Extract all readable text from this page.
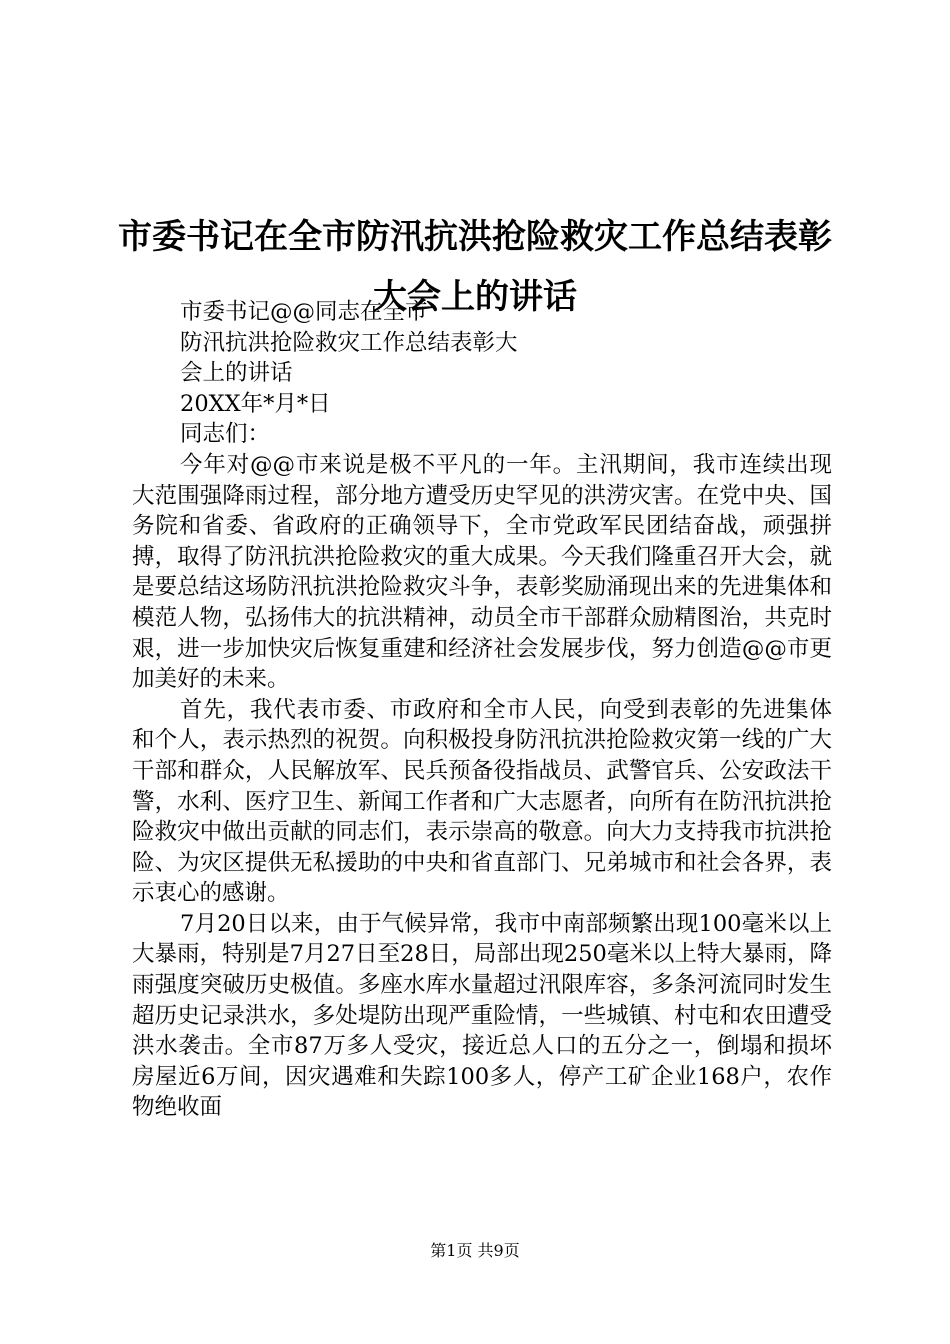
市委书记在全市防汛抗洪抢险救灾工作总结表彰大会上的讲话

市委书记@@同志在全市

防汛抗洪抢险救灾工作总结表彰大

会上的讲话

20XX年*月*日

同志们：

今年对@@市来说是极不平凡的一年。主汛期间，我市连续出现大范围强降雨过程，部分地方遭受历史罕见的洪涝灾害。在党中央、国务院和省委、省政府的正确领导下，全市党政军民团结奋战，顽强拼搏，取得了防汛抗洪抢险救灾的重大成果。今天我们隆重召开大会，就是要总结这场防汛抗洪抢险救灾斗争，表彰奖励涌现出来的先进集体和模范人物，弘扬伟大的抗洪精神，动员全市干部群众励精图治，共克时艰，进一步加快灾后恢复重建和经济社会发展步伐，努力创造@@市更加美好的未来。

首先，我代表市委、市政府和全市人民，向受到表彰的先进集体和个人，表示热烈的祝贺。向积极投身防汛抗洪抢险救灾第一线的广大干部和群众，人民解放军、民兵预备役指战员、武警官兵、公安政法干警，水利、医疗卫生、新闻工作者和广大志愿者，向所有在防汛抗洪抢险救灾中做出贡献的同志们，表示崇高的敬意。向大力支持我市抗洪抢险、为灾区提供无私援助的中央和省直部门、兄弟城市和社会各界，表示衷心的感谢。

7月20日以来，由于气候异常，我市中南部频繁出现100毫米以上大暴雨，特别是7月27日至28日，局部出现250毫米以上特大暴雨，降雨强度突破历史极值。多座水库水量超过汛限库容，多条河流同时发生超历史记录洪水，多处堤防出现严重险情，一些城镇、村屯和农田遭受洪水袭击。全市87万多人受灾，接近总人口的五分之一，倒塌和损坏房屋近6万间，因灾遇难和失踪100多人，停产工矿企业168户，农作物绝收面

第1页 共9页
